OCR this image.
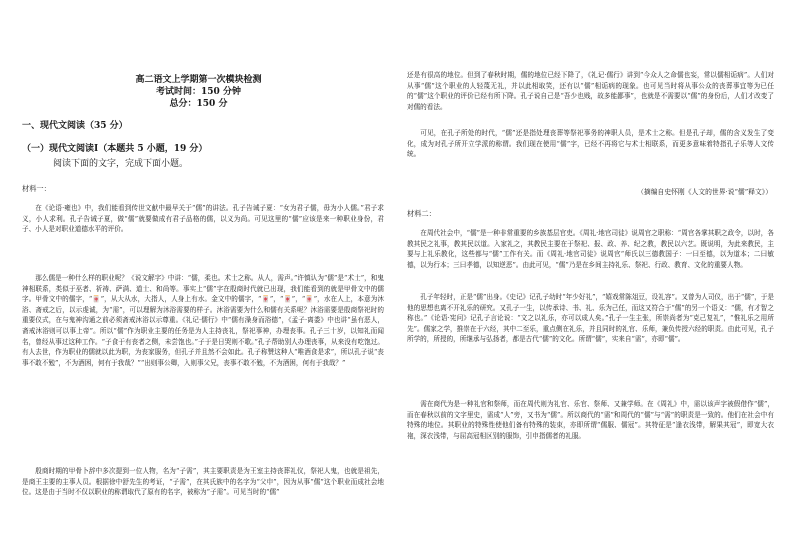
高二语文上学期第一次模块检测
考试时间：150 分钟
总分：150 分
一、现代文阅读（35 分）
（一）现代文阅读Ⅰ（本题共 5 小题，19 分）
阅读下面的文字，完成下面小题。
材料一：

在《论语·雍也》中，我们能看到传世文献中最早关于“儒”的讲法。孔子告诫子夏：“女为君子儒，毋为小人儒。”君子求义，小人求利。孔子告诫子夏，做“儒”就要做成有君子品格的儒，以义为尚。可见这里的“儒”应该是来一种职业身份，君子、小人是对职业道德水平的评价。

那么儒是一种什么样的职业呢？《说文解字》中讲：“儒，柔也。术士之称。从人，需声。”许慎认为“儒”是“术士”，和鬼神相联系，类似于巫者、祈祷、萨满、道士、和尚等。事实上“儒”字在殷商时代就已出现，我们能看到的就是甲骨文中的儒字。甲骨文中的儒字，“🀄”，从大从水，大指人，人身上有水。金文中的儒字，“🀄”，“🀄”，“🀄”，水在人上，本意为沐浴、斋戒之后，以示虔诚，为“需”，可以理解为沐浴需要的样子。沐浴需要为什么和儒有关系呢？沐浴需要是殷商祭祀时的重要仪式，在与鬼神沟通之前必须斋戒沐浴以示尊重。《礼记·儒行》中“儒有澡身而浴德”，《孟子·离娄》中也讲“虽有恶人，斋戒沐浴则可以事上帝”。所以“儒”作为职业主要的任务是为人主持丧礼，祭祀事神，办理丧事。孔子三十岁，以知礼而闻名，曾经从事过这种工作。“子食于有丧者之侧，未尝饱也。”子于是日哭则不歌。”孔子帮助别人办理丧事，从来没有吃饱过。有人去世，作为职业的儒就以此为职，为丧家服务，但孔子并且然不会如此。孔子称赞这种人“唯酒食是求”，所以孔子说“丧事不敢不勉”，不为酒困，何有于我哉？”“出则事公卿，入则事父兄，丧事不敢不勉，不为酒困，何有于我哉？”

殷商时期的甲骨卜辞中多次提到一位人物，名为“子需”，其主要职责是为王室主持丧葬礼仪，祭祀人鬼，也就是祖先，是商王主要的主事人员。根据徐中舒先生的考证，“子需”，在其氏族中的名字为“父申”，因为从事“儒”这个职业而成社会地位。这是由于当时不仅以职业的称谓取代了原有的名字，被称为“子需”。可见当时的“儒”

还是有很高的地位。但到了春秋时期，儒的地位已经下降了，《礼记·儒行》讲到“今众人之命儒也妄，常以儒相诟病”。人们对从事“儒”这个职业的人轻蔑无礼，并以此相取笑，还有以“儒”相诟病的现象。也可见当时将从事公众的丧葬事宜等为已任的“儒”这个职业的评价已经有所下降。孔子说自己是“吾少也贱，故多能鄙事”，也就是不需要以“儒”的身份后，人们才改变了对儒的看法。

可见，在孔子所处的时代，“儒”还是指处理丧葬等祭祀事务的神职人员，是术士之称。但是孔子却，儒的含义发生了变化，成为对孔子所开立学派的称谓。我们现在使用“儒”字，已经不再将它与术士相联系，而更多意味着特指孔子乐等人文传统。

（摘编自史怀刚《人文的世界·说“儒”释文》）
材料二：

在周代社会中，“儒”是一种非常重要的乡族基层官吏。《周礼·地官司徒》说周官之职称：“周官各掌其职之政令，以时，各教其民之礼事，教其民以道。入家礼之，其教民主要在于祭祀、报、政、养、纪之教，教民以六艺。既说明，为此来教民，主要与上礼乐教化，这些都与“儒”工作有关。而《周礼·地官司徒》说周官“师氏以三德教国子：一曰至德，以为道本；二曰敏德，以为行本；三曰孝德，以知逆恶”。由此可见，“儒”乃是在乡间主持礼乐、祭祀、行政、教育、文化的重要人物。

孔子年轻时，正是“儒”出身。《史记》记孔子幼时“年少好礼”，“嬉戏常陈俎豆，设礼容”。又曾为人司仪，出于“儒”，于是他的思想也离不开礼乐的研究。又孔子一生，以传承诗、书、礼、乐为己任，而这又符合于“儒”的另一个语义：“儒，有才智之称也。”《论语·宪问》记孔子言论说：“文之以礼乐，亦可以成人矣。”孔子一生主张，所崇尚者为“克己复礼”，“惟礼乐之用所先”。儒家之学，推崇在于六经，其中二至乐，重点侧在礼乐，并且同时的礼官、乐师，兼负传授六经的职责。由此可见，孔子所学的，所授的，所继承与弘扬者，都是古代“儒”的文化。所谓“儒”，实来自“需”，亦即“儒”。

需在商代为是一种礼官和祭师，而在周代则为礼官、乐官、祭师、又兼学师。在《周礼》中，需以该声字被假借作“儒”，而在春秋以前的文字里史，需成“人”旁，又书为“儒”。所以商代的“需”和周代的“儒”与“需”的职责是一致的。他们在社会中有特殊的地位。其职业的特殊性使他们备有特殊的装束，亦即所谓“儒服、儒冠”。其特征是“逢衣浅带，解果其冠”，即宽大衣袍，深衣浅带，与屈高冠相区别的服饰，引申指儒者的礼服。
